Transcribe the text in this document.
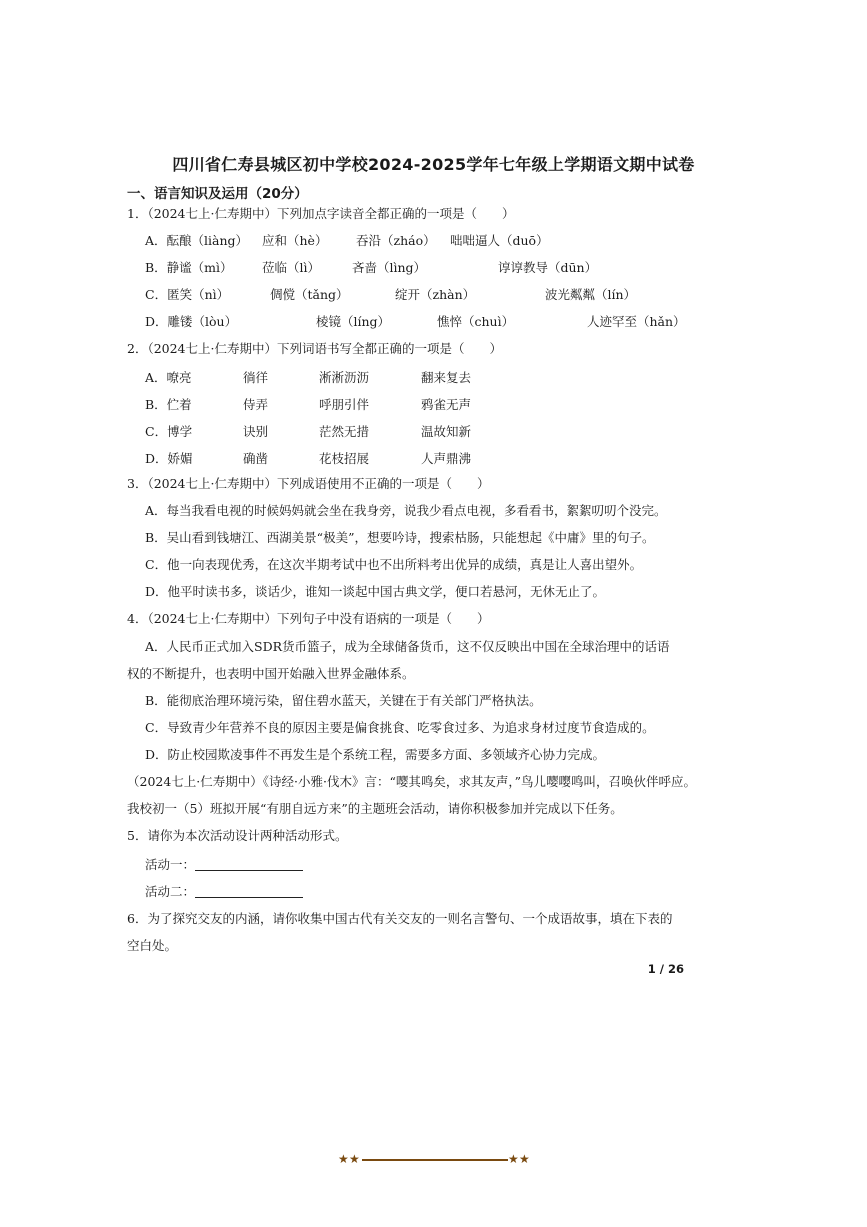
四川省仁寿县城区初中学校2024-2025学年七年级上学期语文期中试卷
一、语言知识及运用（20分）
1．（2024七上·仁寿期中）下列加点字读音全都正确的一项是（　　）
A．酝酿（liàng） 应和（hè） 吞沿（zháo） 咄咄逼人（duō）
B．静谧（mì） 莅临（lì）	吝啬（lìng）	谆谆教导（dūn）
C．匿笑（nì）	倜傥（tǎng）	绽开（zhàn）	波光粼粼（lín）
D．雕镂（lòu）	棱镜（líng）	憔悴（chuì）	人迹罕至（hǎn）
2．（2024七上·仁寿期中）下列词语书写全都正确的一项是（　　）
A．嘹亮	徜徉	淅淅沥沥	翻来复去
B．伫着	侍弄	呼朋引伴	鸦雀无声
C．博学	诀别	茫然无措	温故知新
D．娇媚	确凿	花枝招展	人声鼎沸
3．（2024七上·仁寿期中）下列成语使用不正确的一项是（　　）
A．每当我看电视的时候妈妈就会坐在我身旁，说我少看点电视，多看看书，絮絮叨叨个没完。
B．吴山看到钱塘江、西湖美景“极美”，想要吟诗，搜索枯肠，只能想起《中庸》里的句子。
C．他一向表现优秀，在这次半期考试中也不出所料考出优异的成绩，真是让人喜出望外。
D．他平时读书多，谈话少，谁知一谈起中国古典文学，便口若悬河，无休无止了。
4．（2024七上·仁寿期中）下列句子中没有语病的一项是（　　）
A．人民币正式加入SDR货币篮子，成为全球储备货币，这不仅反映出中国在全球治理中的话语
权的不断提升，也表明中国开始融入世界金融体系。
B．能彻底治理环境污染，留住碧水蓝天，关键在于有关部门严格执法。
C．导致青少年营养不良的原因主要是偏食挑食、吃零食过多、为追求身材过度节食造成的。
D．防止校园欺凌事件不再发生是个系统工程，需要多方面、多领域齐心协力完成。
（2024七上·仁寿期中）《诗经·小雅·伐木》言：“嘤其鸣矣，求其友声，”鸟儿嘤嘤鸣叫，召唤伙伴呼应。
我校初一（5）班拟开展“有朋自远方来”的主题班会活动，请你积极参加并完成以下任务。
5．请你为本次活动设计两种活动形式。
活动一：
活动二：
6．为了探究交友的内涵，请你收集中国古代有关交友的一则名言警句、一个成语故事，填在下表的
空白处。
1 / 26
★ ★	★ ★
